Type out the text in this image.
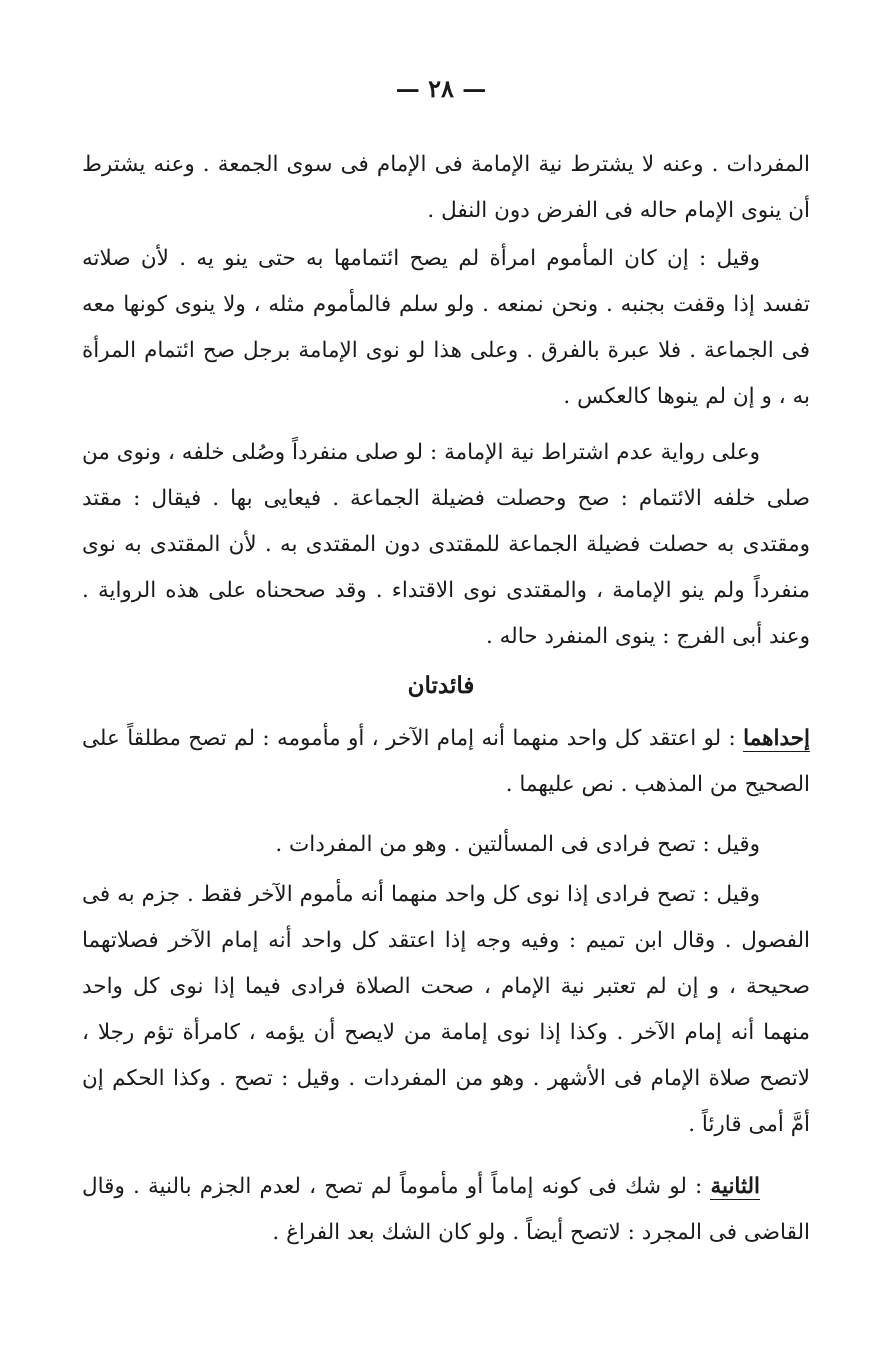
— ٢٨ —

المفردات . وعنه لا يشترط نية الإمامة فى الإمام فى سوى الجمعة . وعنه يشترط أن ينوى الإمام حاله فى الفرض دون النفل .

وقيل : إن كان المأموم امرأة لم يصح ائتمامها به حتى ينو يه . لأن صلاته تفسد إذا وقفت بجنبه . ونحن نمنعه . ولو سلم فالمأموم مثله ، ولا ينوى كونها معه فى الجماعة . فلا عبرة بالفرق . وعلى هذا لو نوى الإمامة برجل صح ائتمام المرأة به ، و إن لم ينوها كالعكس .

وعلى رواية عدم اشتراط نية الإمامة : لو صلى منفرداً وصُلى خلفه ، ونوى من صلى خلفه الائتمام : صح وحصلت فضيلة الجماعة . فيعايى بها . فيقال : مقتد ومقتدى به حصلت فضيلة الجماعة للمقتدى دون المقتدى به . لأن المقتدى به نوى منفرداً ولم ينو الإمامة ، والمقتدى نوى الاقتداء . وقد صححناه على هذه الرواية . وعند أبى الفرج : ينوى المنفرد حاله .

فائدتان

إحداهما : لو اعتقد كل واحد منهما أنه إمام الآخر ، أو مأمومه : لم تصح مطلقاً على الصحيح من المذهب . نص عليهما .

وقيل : تصح فرادى فى المسألتين . وهو من المفردات .

وقيل : تصح فرادى إذا نوى كل واحد منهما أنه مأموم الآخر فقط . جزم به فى الفصول . وقال ابن تميم : وفيه وجه إذا اعتقد كل واحد أنه إمام الآخر فصلاتهما صحيحة ، و إن لم تعتبر نية الإمام ، صحت الصلاة فرادى فيما إذا نوى كل واحد منهما أنه إمام الآخر . وكذا إذا نوى إمامة من لايصح أن يؤمه ، كامرأة تؤم رجلا ، لاتصح صلاة الإمام فى الأشهر . وهو من المفردات . وقيل : تصح . وكذا الحكم إن أمَّ أمى قارئاً .

الثانية : لو شك فى كونه إماماً أو مأموماً لم تصح ، لعدم الجزم بالنية . وقال القاضى فى المجرد : لاتصح أيضاً . ولو كان الشك بعد الفراغ .
